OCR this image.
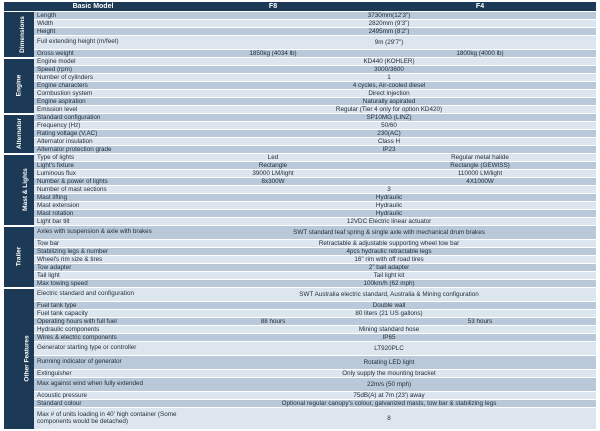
Basic Model		F8	F4
Dimensions	Length	3730mm(12'3")	
	Width	2820mm (9'3")	
	Height	2495mm (8'2")	
	Full extending height (m/feet)	9m (29'7")	
	Gross weight	1850kg (4034 lb)	1800kg (4000 lb)
Engine	Engine model	KD440 (KOHLER)	
	Speed (rpm)	3000/3600	
	Number of cylinders	1	
	Engine characters	4 cycles, Air-cooled diesel	
	Combustion system	Direct injection	
	Engine aspiration	Naturally aspirated	
	Emission level	Regular (Tier 4 only for option KD420)	
Alternator	Standard configuration	SP10MG (LINZ)	
	Frequency (Hz)	50/60	
	Rating voltage (V,AC)	230(AC)	
	Alternator insulation	Class H	
	Alternator protection grade	IP23	
Mast & Lights	Type of lights	Led	Regular metal halide
	Light's fixture	Rectangle	Rectangle (GEWISS)
	Luminous flux	39000 LM/light	110000 LM/light
	Number & power of lights	8x300W	4X1000W
	Number of mast sections	3	
	Mast lifting	Hydraulic	
	Mast extension	Hydraulic	
	Mast rotation	Hydraulic	
	Light bar tilt	12VDC Electric linear actuator	
Trailer	Axles with suspension & axle with brakes	SWT standard leaf spring & single axle with mechanical drum brakes	
	Tow bar	Retractable & adjustable supporting wheel tow bar	
	Stabilizing legs & number	4pcs hydraulic retractable legs	
	Wheel's rim size & tires	16" rim with off road tires	
	Tow adapter	2" ball adapter	
	Tail light	Tail light kit	
	Max towing speed	100km/h (62 mph)	
Other Features	Electric standard and configuration	SWT Australia electric standard, Australia & Mining configuration	
	Fuel tank type	Double wall	
	Fuel tank capacity	80 liters (21 US gallons)	
	Operating hours with full fuel	88 hours	53 hours
	Hydraulic components	Mining standard hose	
	Wires & electric components	IP65	
	Generator starting type or controller	LT920PLC	
	Running indicator of generator	Rotating LED light	
	Extinguisher	Only supply the mounting bracket	
	Max against wind when fully extended	22m/s (50 mph)	
	Acoustic pressure	75dB(A) at 7m (23') away	
	Standard colour	Optional regular canopy's colour, galvanized masts, tow bar & stabilizing legs	
	Max # of units loading in 40' high container (Some components would be detached)	8	
